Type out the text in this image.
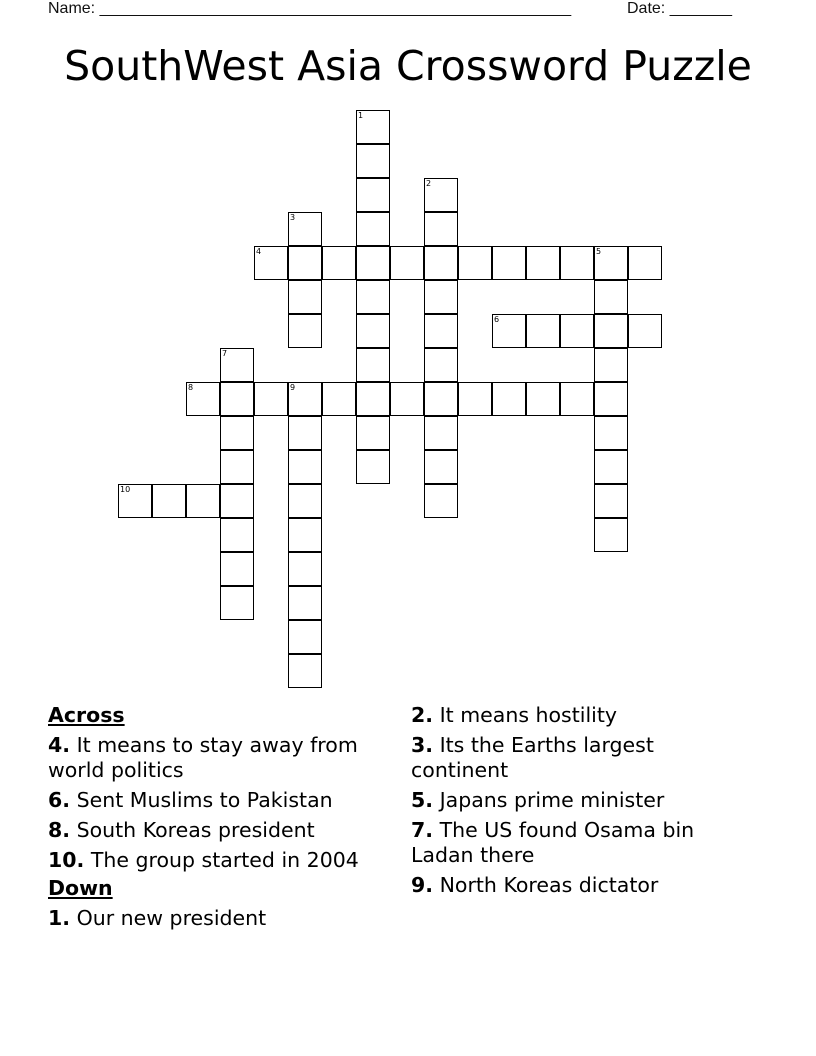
Name: _____________________________________________________	Date: _______
SouthWest Asia Crossword Puzzle
1
2
3
4	5
6
7
8	9
10
Across
4. It means to stay away from world politics
6. Sent Muslims to Pakistan
8. South Koreas president
10. The group started in 2004
Down
1. Our new president
2. It means hostility
3. Its the Earths largest continent
5. Japans prime minister
7. The US found Osama bin Ladan there
9. North Koreas dictator
